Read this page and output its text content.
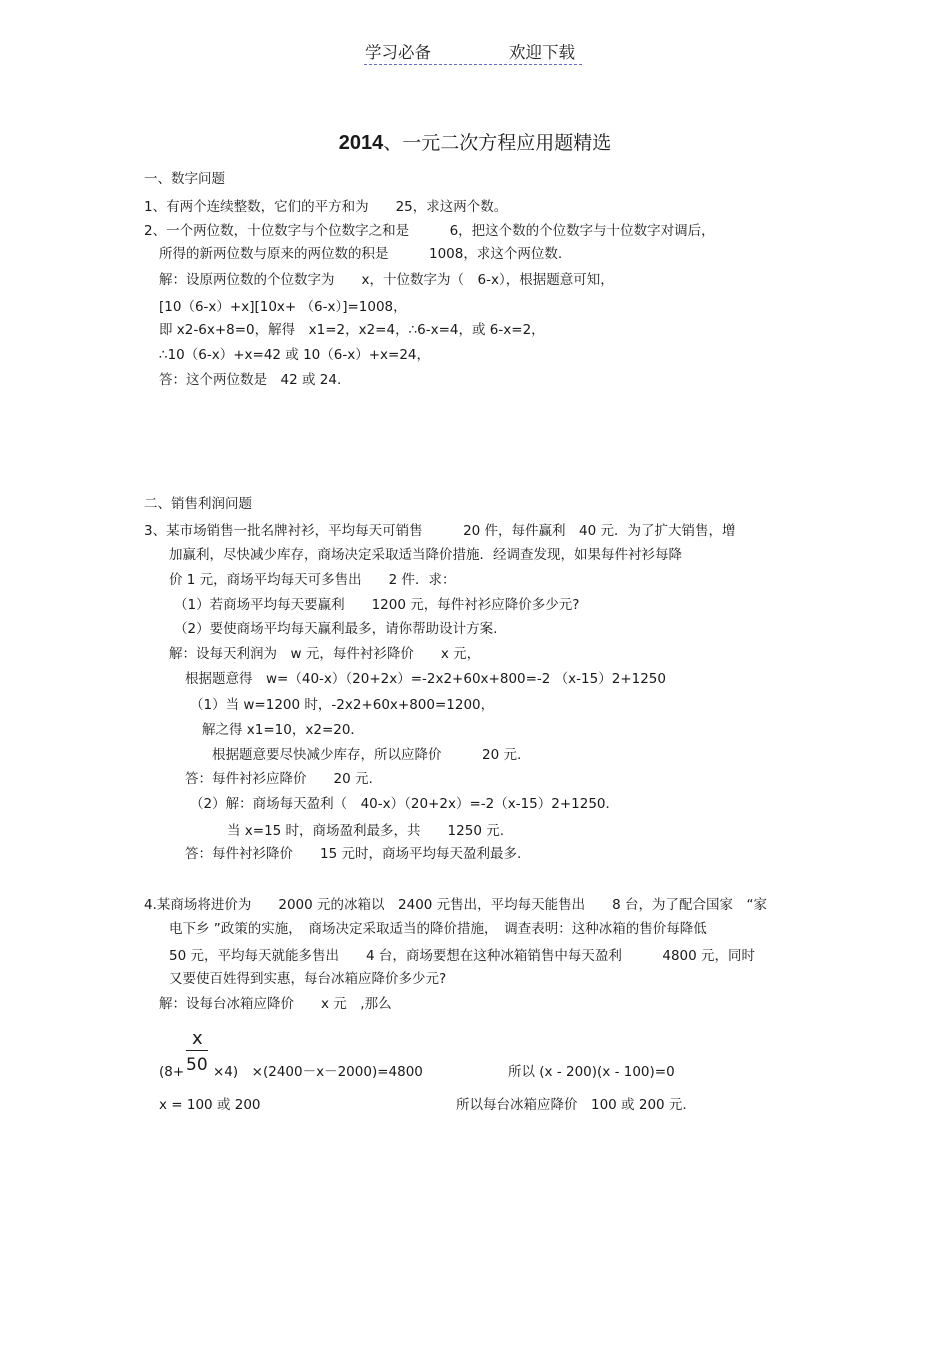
学习必备	欢迎下载
2014、一元二次方程应用题精选
一、数字问题
1、有两个连续整数，它们的平方和为　　25，求这两个数。
2、一个两位数，十位数字与个位数字之和是　　　6，把这个数的个位数字与十位数字对调后，
所得的新两位数与原来的两位数的积是　　　1008，求这个两位数.
解：设原两位数的个位数字为　　x，十位数字为（　6-x），根据题意可知，
[10（6-x）+x][10x+ （6-x）]=1008，
即 x2-6x+8=0，解得　x1=2，x2=4，∴6-x=4，或 6-x=2，
∴10（6-x）+x=42 或 10（6-x）+x=24，
答：这个两位数是　42 或 24.
二、销售利润问题
3、某市场销售一批名牌衬衫，平均每天可销售　　　20 件，每件赢利　40 元．为了扩大销售，增
加赢利，尽快减少库存，商场决定采取适当降价措施．经调查发现，如果每件衬衫每降
价 1 元，商场平均每天可多售出　　2 件．求：
（1）若商场平均每天要赢利　　1200 元，每件衬衫应降价多少元?
（2）要使商场平均每天赢利最多，请你帮助设计方案.
解：设每天利润为　w 元，每件衬衫降价　　x 元，
根据题意得　w=（40-x）（20+2x）=-2x2+60x+800=-2 （x-15）2+1250
（1）当 w=1200 时，-2x2+60x+800=1200，
解之得 x1=10，x2=20．
根据题意要尽快减少库存，所以应降价　　　20 元.
答：每件衬衫应降价　　20 元.
（2）解：商场每天盈利（　40-x）（20+2x）=-2（x-15）2+1250．
当 x=15 时，商场盈利最多，共　　1250 元.
答：每件衬衫降价　　15 元时，商场平均每天盈利最多.
4.某商场将进价为　　2000 元的冰箱以　2400 元售出，平均每天能售出　　8 台，为了配合国家　“家
电下乡 ”政策的实施，　商场决定采取适当的降价措施，　调查表明：这种冰箱的售价每降低
50 元，平均每天就能多售出　　4 台，商场要想在这种冰箱销售中每天盈利　　　4800 元，同时
又要使百姓得到实惠，每台冰箱应降价多少元?
解：设每台冰箱应降价　　x 元　,那么
x
50
(8+ ×4)　×(2400－x－2000)=4800	所以 (x - 200)(x - 100)=0
x = 100 或 200	所以每台冰箱应降价　100 或 200 元.
